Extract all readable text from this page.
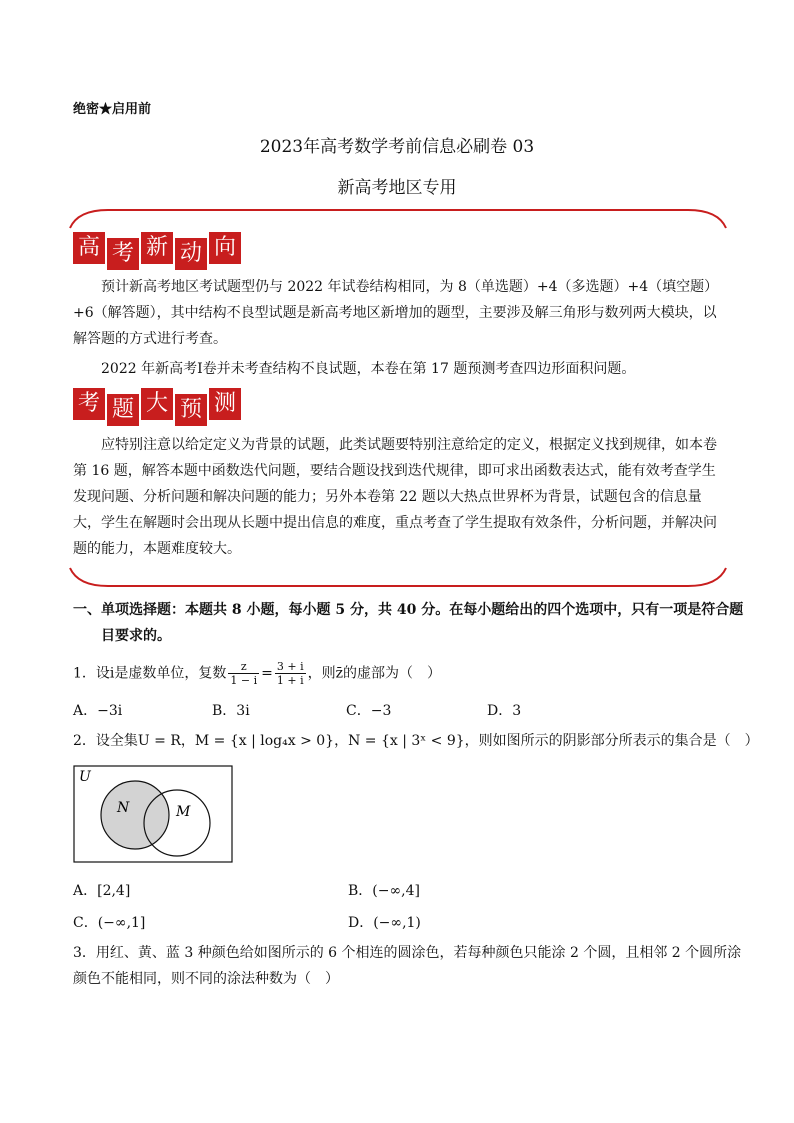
绝密★启用前
2023年高考数学考前信息必刷卷 03
新高考地区专用
高 考 新 动 向
预计新高考地区考试题型仍与 2022 年试卷结构相同，为 8（单选题）+4（多选题）+4（填空题）+6（解答题），其中结构不良型试题是新高考地区新增加的题型，主要涉及解三角形与数列两大模块，以解答题的方式进行考查。
2022 年新高考Ⅰ卷并未考查结构不良试题，本卷在第 17 题预测考查四边形面积问题。
考 题 大 预 测
应特别注意以给定定义为背景的试题，此类试题要特别注意给定的定义，根据定义找到规律，如本卷第 16 题，解答本题中函数迭代问题，要结合题设找到迭代规律，即可求出函数表达式，能有效考查学生发现问题、分析问题和解决问题的能力；另外本卷第 22 题以大热点世界杯为背景，试题包含的信息量大，学生在解题时会出现从长题中提出信息的难度，重点考查了学生提取有效条件，分析问题，并解决问题的能力，本题难度较大。
一、单项选择题：本题共 8 小题，每小题 5 分，共 40 分。在每小题给出的四个选项中，只有一项是符合题
目要求的。
1．设i是虚数单位，复数 $\frac{z}{1 - i} = \frac{3 + i}{1 + i}$ ，则z̄的虚部为（　）
A．−3i	B．3i	C．−3	D．3
2．设全集U = R，M = {x | log₄x > 0}，N = {x | 3ˣ < 9}，则如图所示的阴影部分所表示的集合是（　）
U
N	M
A．[2,4]	B．(−∞,4]
C．(−∞,1]	D．(−∞,1)
3．用红、黄、蓝 3 种颜色给如图所示的 6 个相连的圆涂色，若每种颜色只能涂 2 个圆，且相邻 2 个圆所涂
颜色不能相同，则不同的涂法种数为（　）
